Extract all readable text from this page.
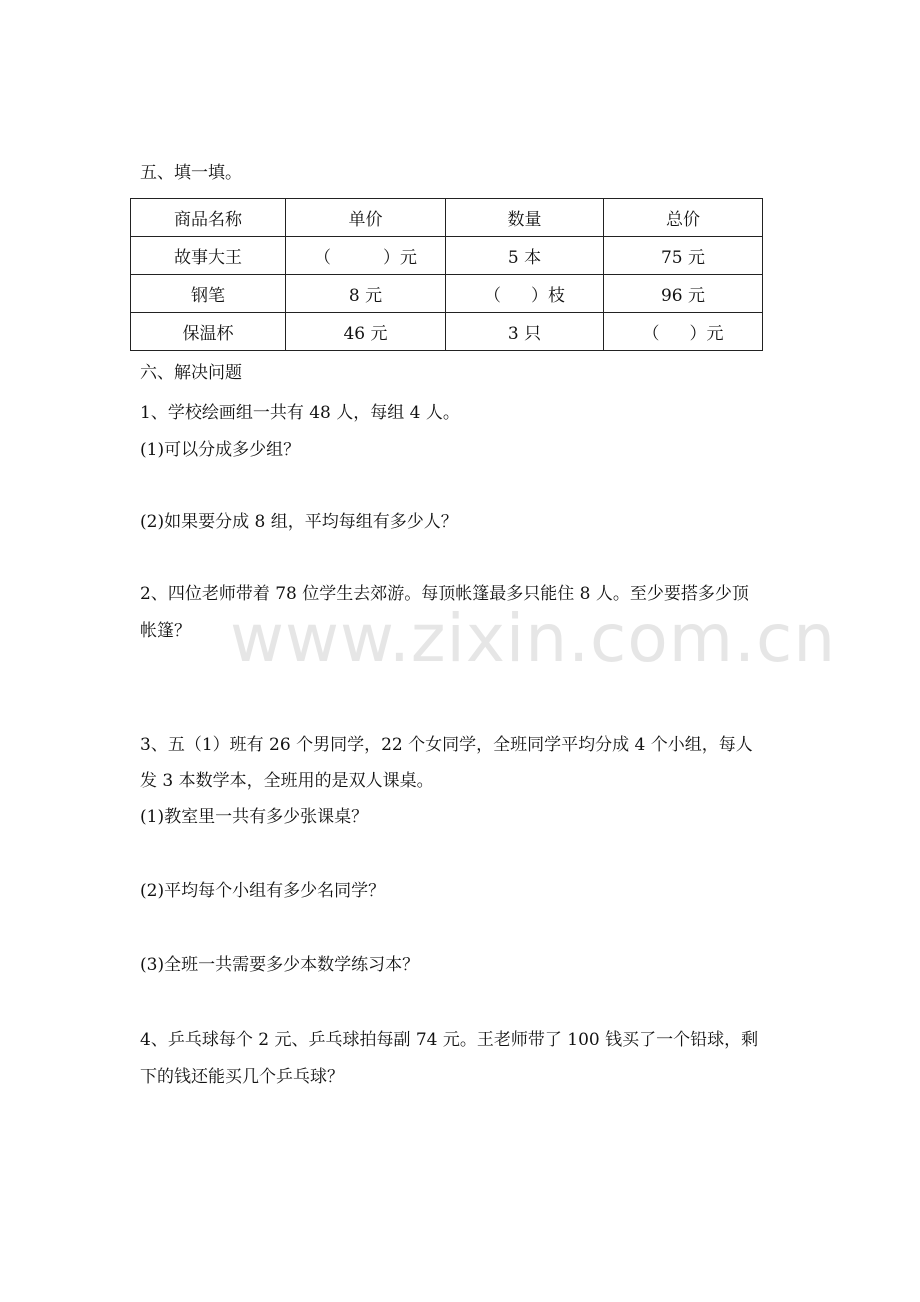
www.zixin.com.cn
五、填一填。
商品名称	单价	数量	总价
故事大王	（ ）元	5 本	75 元
钢笔	8 元	（ ）枝	96 元
保温杯	46 元	3 只	（ ）元
六、解决问题
1、学校绘画组一共有 48 人，每组 4 人。
(1)可以分成多少组？
(2)如果要分成 8 组，平均每组有多少人？
2、四位老师带着 78 位学生去郊游。每顶帐篷最多只能住 8 人。至少要搭多少顶
帐篷？
3、五（1）班有 26 个男同学，22 个女同学，全班同学平均分成 4 个小组，每人
发 3 本数学本，全班用的是双人课桌。
(1)教室里一共有多少张课桌？
(2)平均每个小组有多少名同学？
(3)全班一共需要多少本数学练习本？
4、乒乓球每个 2 元、乒乓球拍每副 74 元。王老师带了 100 钱买了一个铅球，剩
下的钱还能买几个乒乓球？
